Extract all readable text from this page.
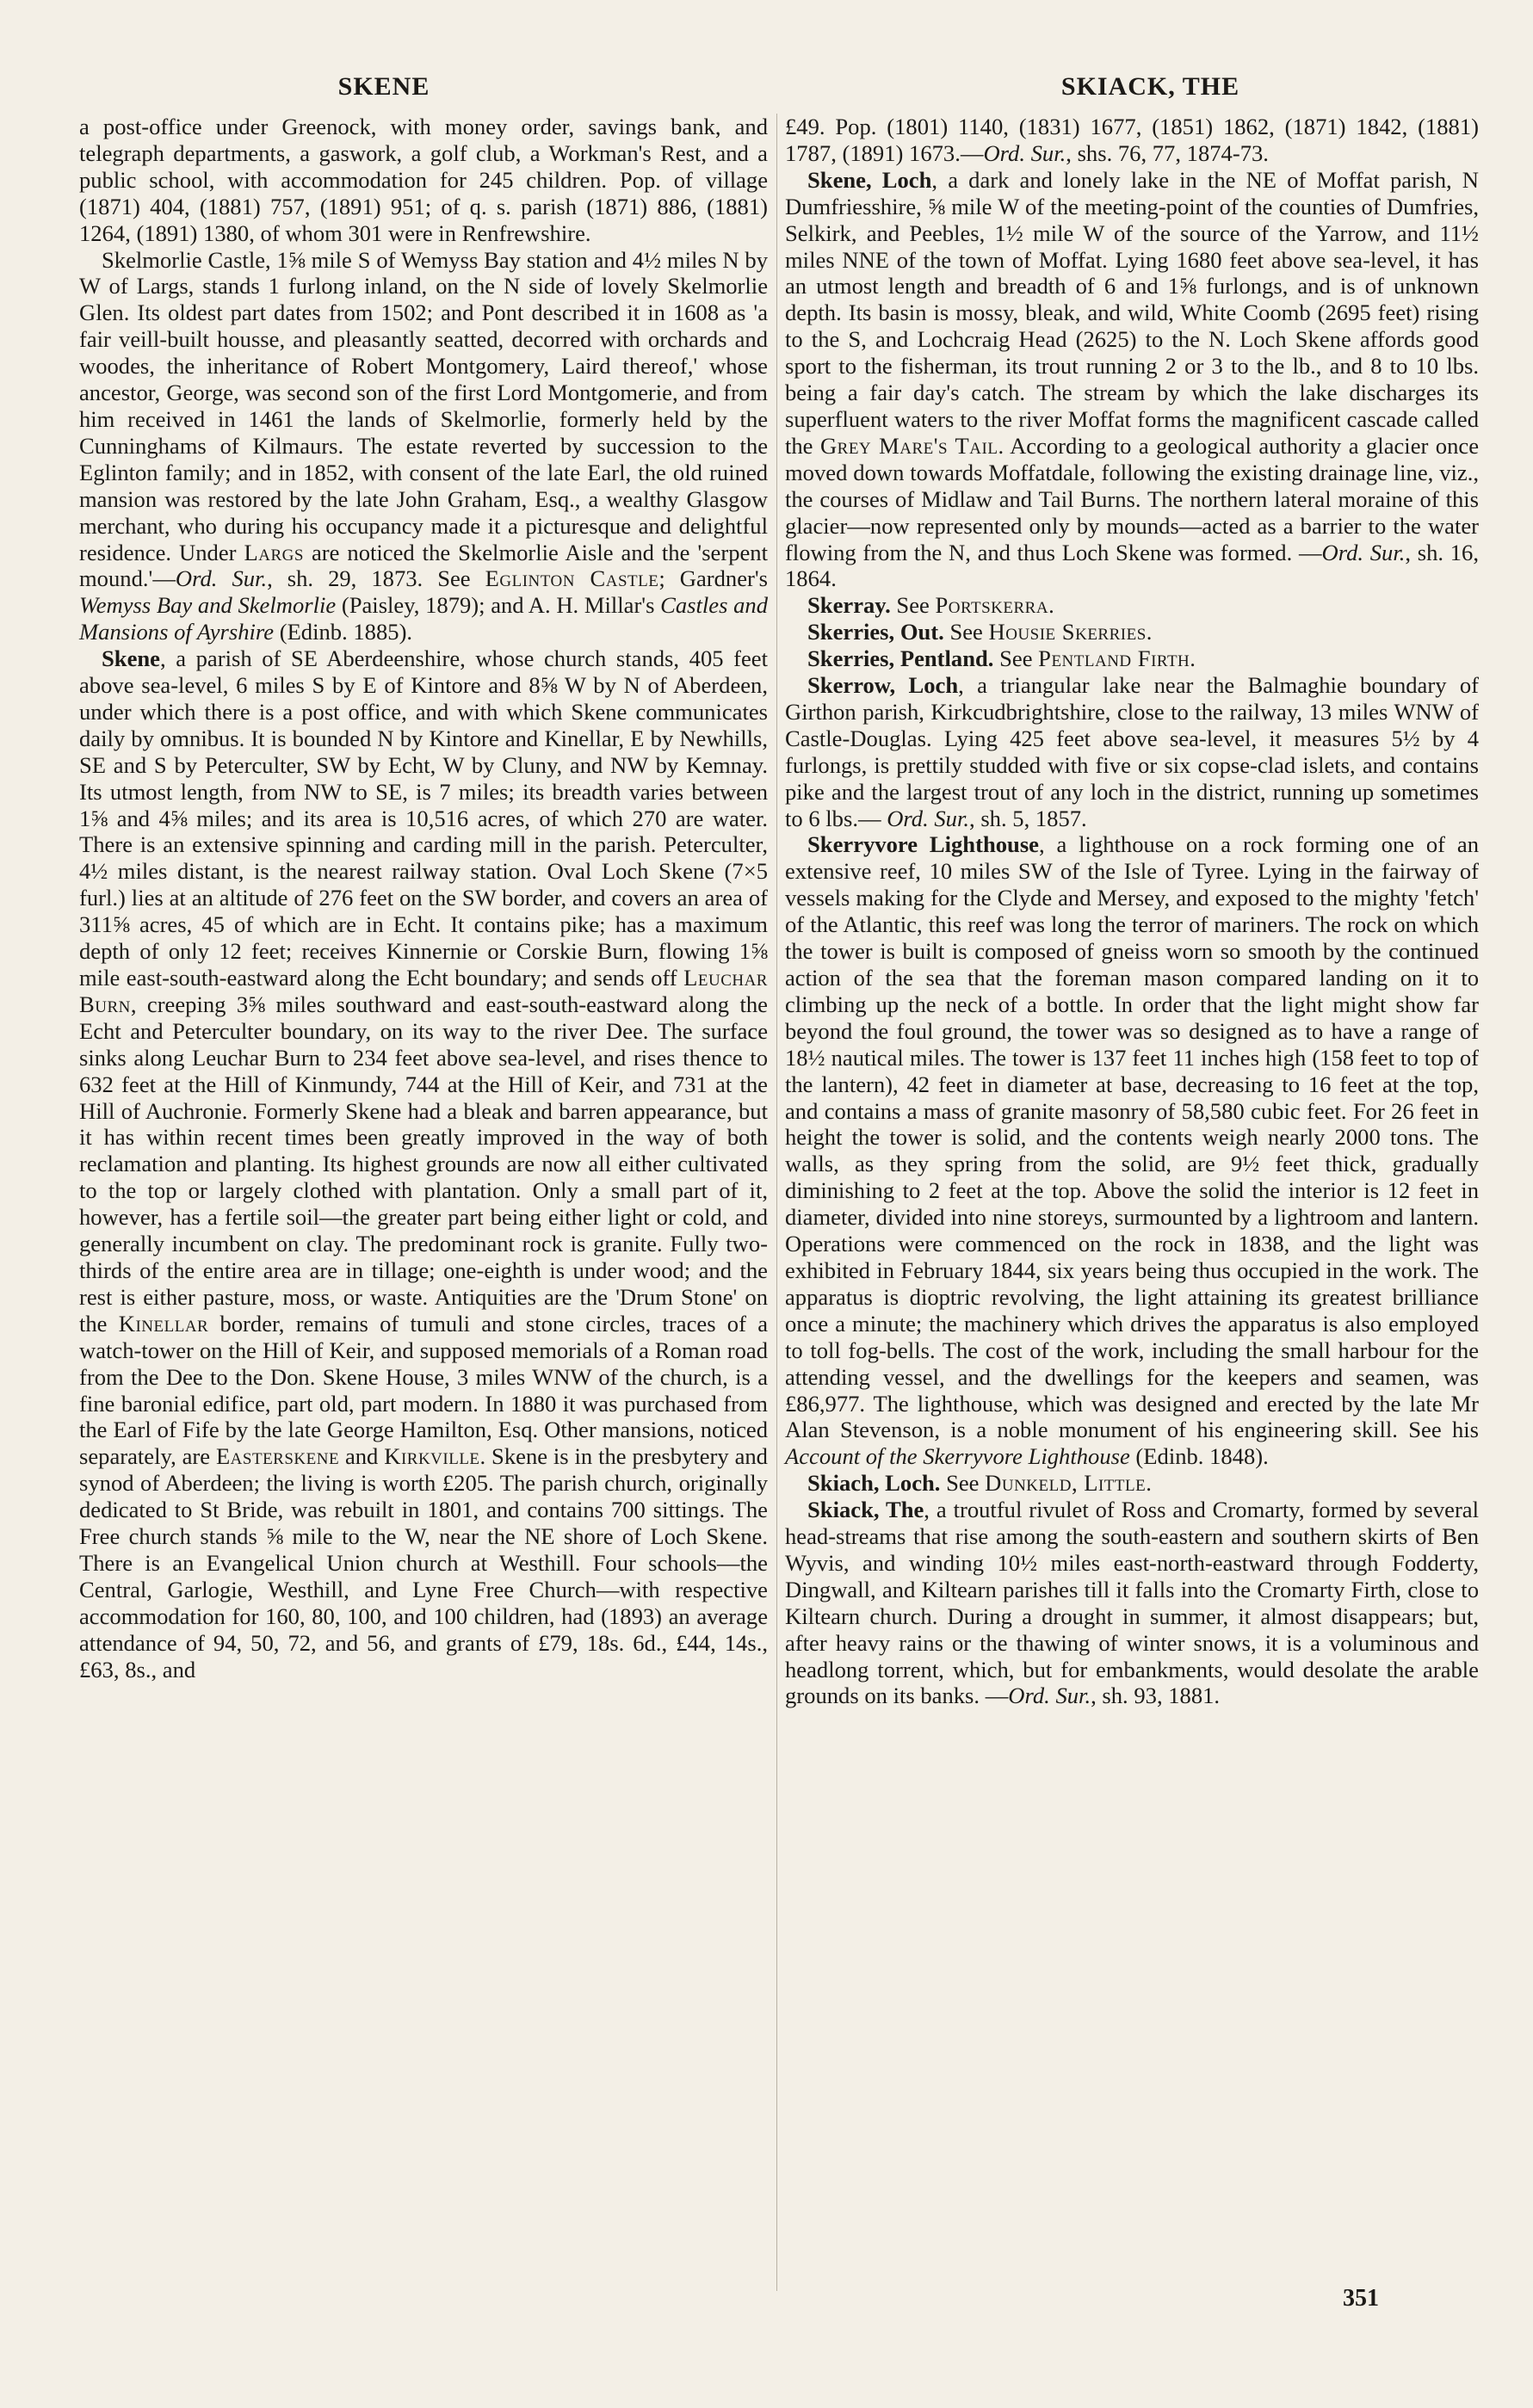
SKENE	SKIACK, THE

a post-office under Greenock, with money order, savings bank, and telegraph departments, a gaswork, a golf club, a Workman's Rest, and a public school, with accommodation for 245 children. Pop. of village (1871) 404, (1881) 757, (1891) 951; of q. s. parish (1871) 886, (1881) 1264, (1891) 1380, of whom 301 were in Renfrewshire.

Skelmorlie Castle, 1⅝ mile S of Wemyss Bay station and 4½ miles N by W of Largs, stands 1 furlong inland, on the N side of lovely Skelmorlie Glen. Its oldest part dates from 1502; and Pont described it in 1608 as 'a fair veill-built housse, and pleasantly seatted, decorred with orchards and woodes, the inheritance of Robert Montgomery, Laird thereof,' whose ancestor, George, was second son of the first Lord Montgomerie, and from him received in 1461 the lands of Skelmorlie, formerly held by the Cunninghams of Kilmaurs. The estate reverted by succession to the Eglinton family; and in 1852, with consent of the late Earl, the old ruined mansion was restored by the late John Graham, Esq., a wealthy Glasgow merchant, who during his occupancy made it a picturesque and delightful residence. Under Largs are noticed the Skelmorlie Aisle and the 'serpent mound.'—Ord. Sur., sh. 29, 1873. See Eglinton Castle; Gardner's Wemyss Bay and Skelmorlie (Paisley, 1879); and A. H. Millar's Castles and Mansions of Ayrshire (Edinb. 1885).

Skene, a parish of SE Aberdeenshire, whose church stands, 405 feet above sea-level, 6 miles S by E of Kintore and 8⅝ W by N of Aberdeen, under which there is a post office, and with which Skene communicates daily by omnibus. It is bounded N by Kintore and Kinellar, E by Newhills, SE and S by Peterculter, SW by Echt, W by Cluny, and NW by Kemnay. Its utmost length, from NW to SE, is 7 miles; its breadth varies between 1⅝ and 4⅝ miles; and its area is 10,516 acres, of which 270 are water. There is an extensive spinning and carding mill in the parish. Peterculter, 4½ miles distant, is the nearest railway station. Oval Loch Skene (7×5 furl.) lies at an altitude of 276 feet on the SW border, and covers an area of 311⅝ acres, 45 of which are in Echt. It contains pike; has a maximum depth of only 12 feet; receives Kinnernie or Corskie Burn, flowing 1⅝ mile east-south-eastward along the Echt boundary; and sends off Leuchar Burn, creeping 3⅝ miles southward and east-south-eastward along the Echt and Peterculter boundary, on its way to the river Dee. The surface sinks along Leuchar Burn to 234 feet above sea-level, and rises thence to 632 feet at the Hill of Kinmundy, 744 at the Hill of Keir, and 731 at the Hill of Auchronie. Formerly Skene had a bleak and barren appearance, but it has within recent times been greatly improved in the way of both reclamation and planting. Its highest grounds are now all either cultivated to the top or largely clothed with plantation. Only a small part of it, however, has a fertile soil—the greater part being either light or cold, and generally incumbent on clay. The predominant rock is granite. Fully two-thirds of the entire area are in tillage; one-eighth is under wood; and the rest is either pasture, moss, or waste. Antiquities are the 'Drum Stone' on the Kinellar border, remains of tumuli and stone circles, traces of a watch-tower on the Hill of Keir, and supposed memorials of a Roman road from the Dee to the Don. Skene House, 3 miles WNW of the church, is a fine baronial edifice, part old, part modern. In 1880 it was purchased from the Earl of Fife by the late George Hamilton, Esq. Other mansions, noticed separately, are Easterskene and Kirkville. Skene is in the presbytery and synod of Aberdeen; the living is worth £205. The parish church, originally dedicated to St Bride, was rebuilt in 1801, and contains 700 sittings. The Free church stands ⅝ mile to the W, near the NE shore of Loch Skene. There is an Evangelical Union church at Westhill. Four schools—the Central, Garlogie, Westhill, and Lyne Free Church—with respective accommodation for 160, 80, 100, and 100 children, had (1893) an average attendance of 94, 50, 72, and 56, and grants of £79, 18s. 6d., £44, 14s., £63, 8s., and

£49. Pop. (1801) 1140, (1831) 1677, (1851) 1862, (1871) 1842, (1881) 1787, (1891) 1673.—Ord. Sur., shs. 76, 77, 1874-73.

Skene, Loch, a dark and lonely lake in the NE of Moffat parish, N Dumfriesshire, ⅝ mile W of the meeting-point of the counties of Dumfries, Selkirk, and Peebles, 1½ mile W of the source of the Yarrow, and 11½ miles NNE of the town of Moffat. Lying 1680 feet above sea-level, it has an utmost length and breadth of 6 and 1⅝ furlongs, and is of unknown depth. Its basin is mossy, bleak, and wild, White Coomb (2695 feet) rising to the S, and Lochcraig Head (2625) to the N. Loch Skene affords good sport to the fisherman, its trout running 2 or 3 to the lb., and 8 to 10 lbs. being a fair day's catch. The stream by which the lake discharges its superfluent waters to the river Moffat forms the magnificent cascade called the Grey Mare's Tail. According to a geological authority a glacier once moved down towards Moffatdale, following the existing drainage line, viz., the courses of Midlaw and Tail Burns. The northern lateral moraine of this glacier—now represented only by mounds—acted as a barrier to the water flowing from the N, and thus Loch Skene was formed. —Ord. Sur., sh. 16, 1864.

Skerray. See Portskerra.

Skerries, Out. See Housie Skerries.

Skerries, Pentland. See Pentland Firth.

Skerrow, Loch, a triangular lake near the Balmaghie boundary of Girthon parish, Kirkcudbrightshire, close to the railway, 13 miles WNW of Castle-Douglas. Lying 425 feet above sea-level, it measures 5½ by 4 furlongs, is prettily studded with five or six copse-clad islets, and contains pike and the largest trout of any loch in the district, running up sometimes to 6 lbs.— Ord. Sur., sh. 5, 1857.

Skerryvore Lighthouse, a lighthouse on a rock forming one of an extensive reef, 10 miles SW of the Isle of Tyree. Lying in the fairway of vessels making for the Clyde and Mersey, and exposed to the mighty 'fetch' of the Atlantic, this reef was long the terror of mariners. The rock on which the tower is built is composed of gneiss worn so smooth by the continued action of the sea that the foreman mason compared landing on it to climbing up the neck of a bottle. In order that the light might show far beyond the foul ground, the tower was so designed as to have a range of 18½ nautical miles. The tower is 137 feet 11 inches high (158 feet to top of the lantern), 42 feet in diameter at base, decreasing to 16 feet at the top, and contains a mass of granite masonry of 58,580 cubic feet. For 26 feet in height the tower is solid, and the contents weigh nearly 2000 tons. The walls, as they spring from the solid, are 9½ feet thick, gradually diminishing to 2 feet at the top. Above the solid the interior is 12 feet in diameter, divided into nine storeys, surmounted by a lightroom and lantern. Operations were commenced on the rock in 1838, and the light was exhibited in February 1844, six years being thus occupied in the work. The apparatus is dioptric revolving, the light attaining its greatest brilliance once a minute; the machinery which drives the apparatus is also employed to toll fog-bells. The cost of the work, including the small harbour for the attending vessel, and the dwellings for the keepers and seamen, was £86,977. The lighthouse, which was designed and erected by the late Mr Alan Stevenson, is a noble monument of his engineering skill. See his Account of the Skerryvore Lighthouse (Edinb. 1848).

Skiach, Loch. See Dunkeld, Little.

Skiack, The, a troutful rivulet of Ross and Cromarty, formed by several head-streams that rise among the south-eastern and southern skirts of Ben Wyvis, and winding 10½ miles east-north-eastward through Fodderty, Dingwall, and Kiltearn parishes till it falls into the Cromarty Firth, close to Kiltearn church. During a drought in summer, it almost disappears; but, after heavy rains or the thawing of winter snows, it is a voluminous and headlong torrent, which, but for embankments, would desolate the arable grounds on its banks. —Ord. Sur., sh. 93, 1881.

351
